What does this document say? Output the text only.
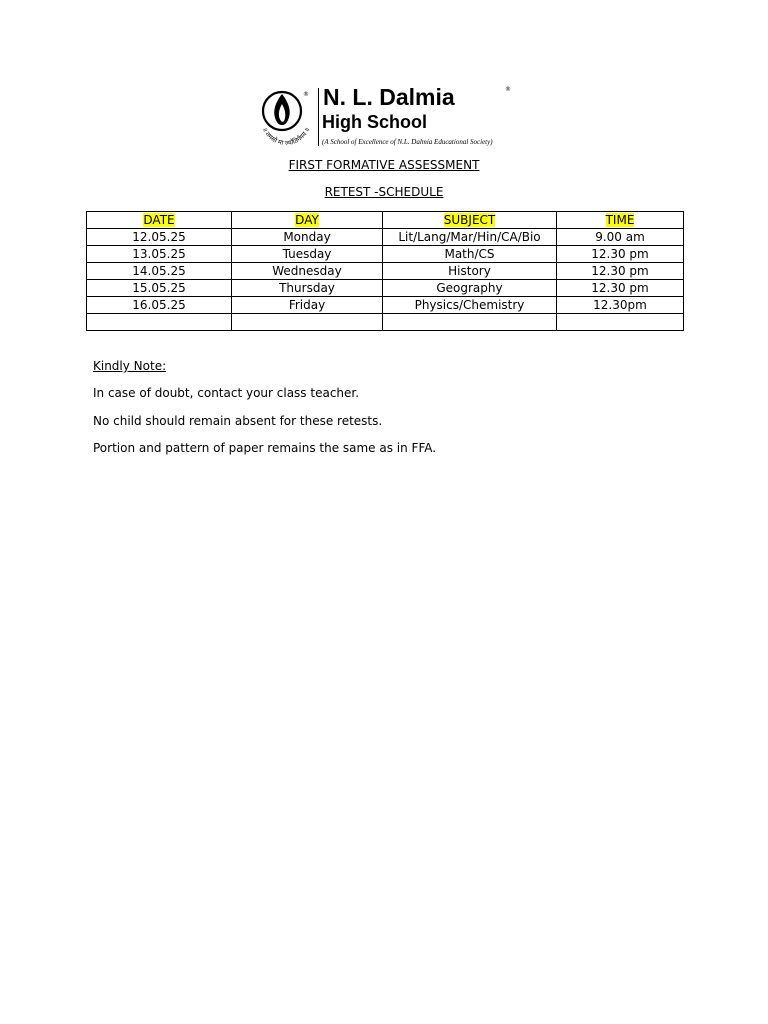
॥ तमसो मा ज्योतिर्गमय ॥
® N. L. Dalmia	®
High School
(A School of Excellence of N.L. Dalmia Educational Society)
FIRST FORMATIVE ASSESSMENT
RETEST -SCHEDULE
DATE	DAY	SUBJECT	TIME
12.05.25	Monday	Lit/Lang/Mar/Hin/CA/Bio	9.00 am
13.05.25	Tuesday	Math/CS	12.30 pm
14.05.25	Wednesday	History	12.30 pm
15.05.25	Thursday	Geography	12.30 pm
16.05.25	Friday	Physics/Chemistry	12.30pm

Kindly Note:
In case of doubt, contact your class teacher.
No child should remain absent for these retests.
Portion and pattern of paper remains the same as in FFA.
